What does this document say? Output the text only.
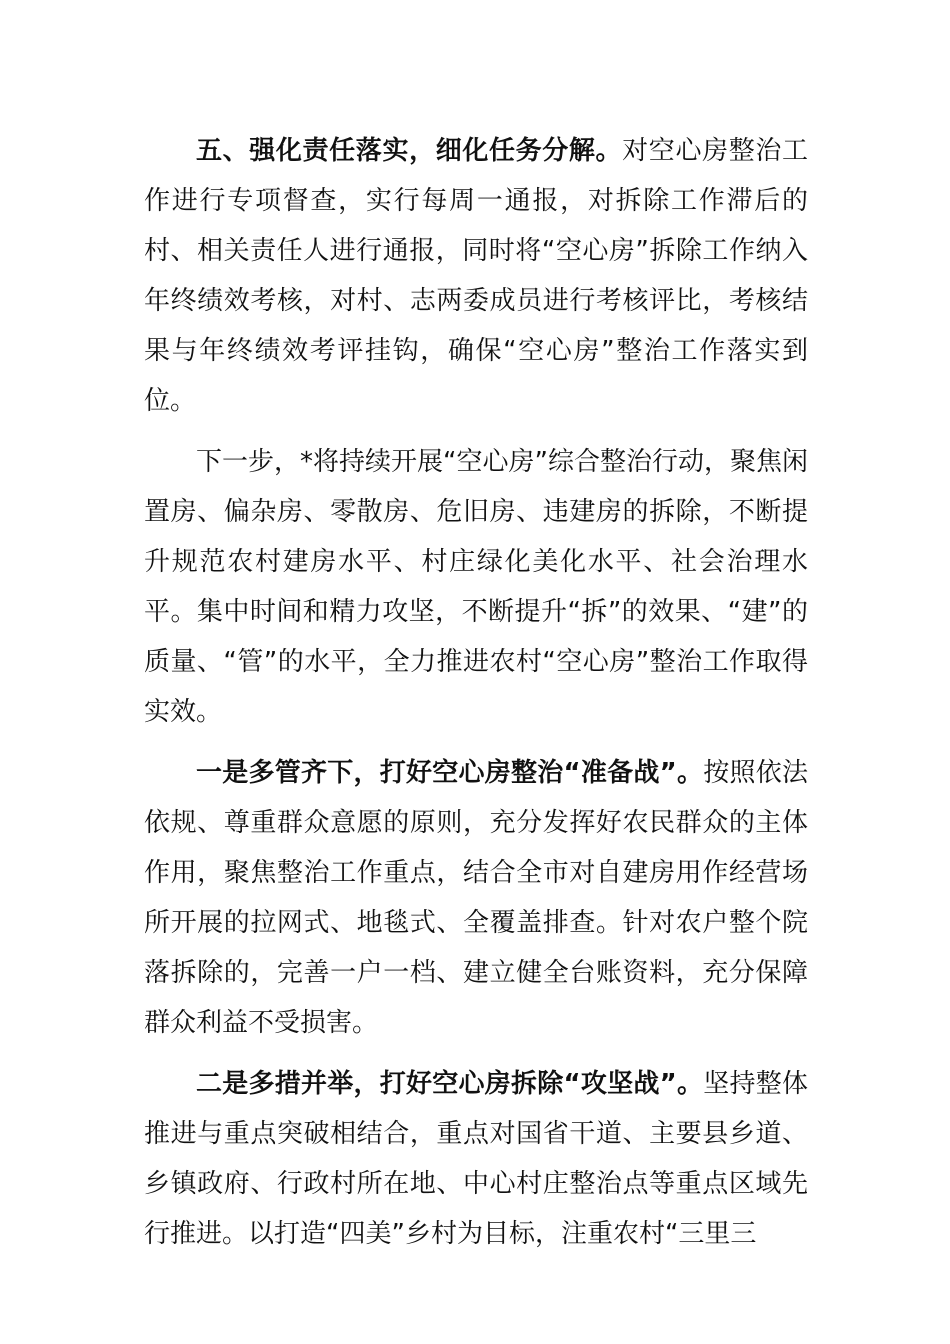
五、强化责任落实，细化任务分解。对空心房整治工作进行专项督查，实行每周一通报，对拆除工作滞后的村、相关责任人进行通报，同时将“空心房”拆除工作纳入年终绩效考核，对村、志两委成员进行考核评比，考核结果与年终绩效考评挂钩，确保“空心房”整治工作落实到位。

下一步，*将持续开展“空心房”综合整治行动，聚焦闲置房、偏杂房、零散房、危旧房、违建房的拆除，不断提升规范农村建房水平、村庄绿化美化水平、社会治理水平。集中时间和精力攻坚，不断提升“拆”的效果、“建”的质量、“管”的水平，全力推进农村“空心房”整治工作取得实效。

一是多管齐下，打好空心房整治“准备战”。按照依法依规、尊重群众意愿的原则，充分发挥好农民群众的主体作用，聚焦整治工作重点，结合全市对自建房用作经营场所开展的拉网式、地毯式、全覆盖排查。针对农户整个院落拆除的，完善一户一档、建立健全台账资料，充分保障群众利益不受损害。

二是多措并举，打好空心房拆除“攻坚战”。坚持整体推进与重点突破相结合，重点对国省干道、主要县乡道、乡镇政府、行政村所在地、中心村庄整治点等重点区域先行推进。以打造“四美”乡村为目标，注重农村“三里三
